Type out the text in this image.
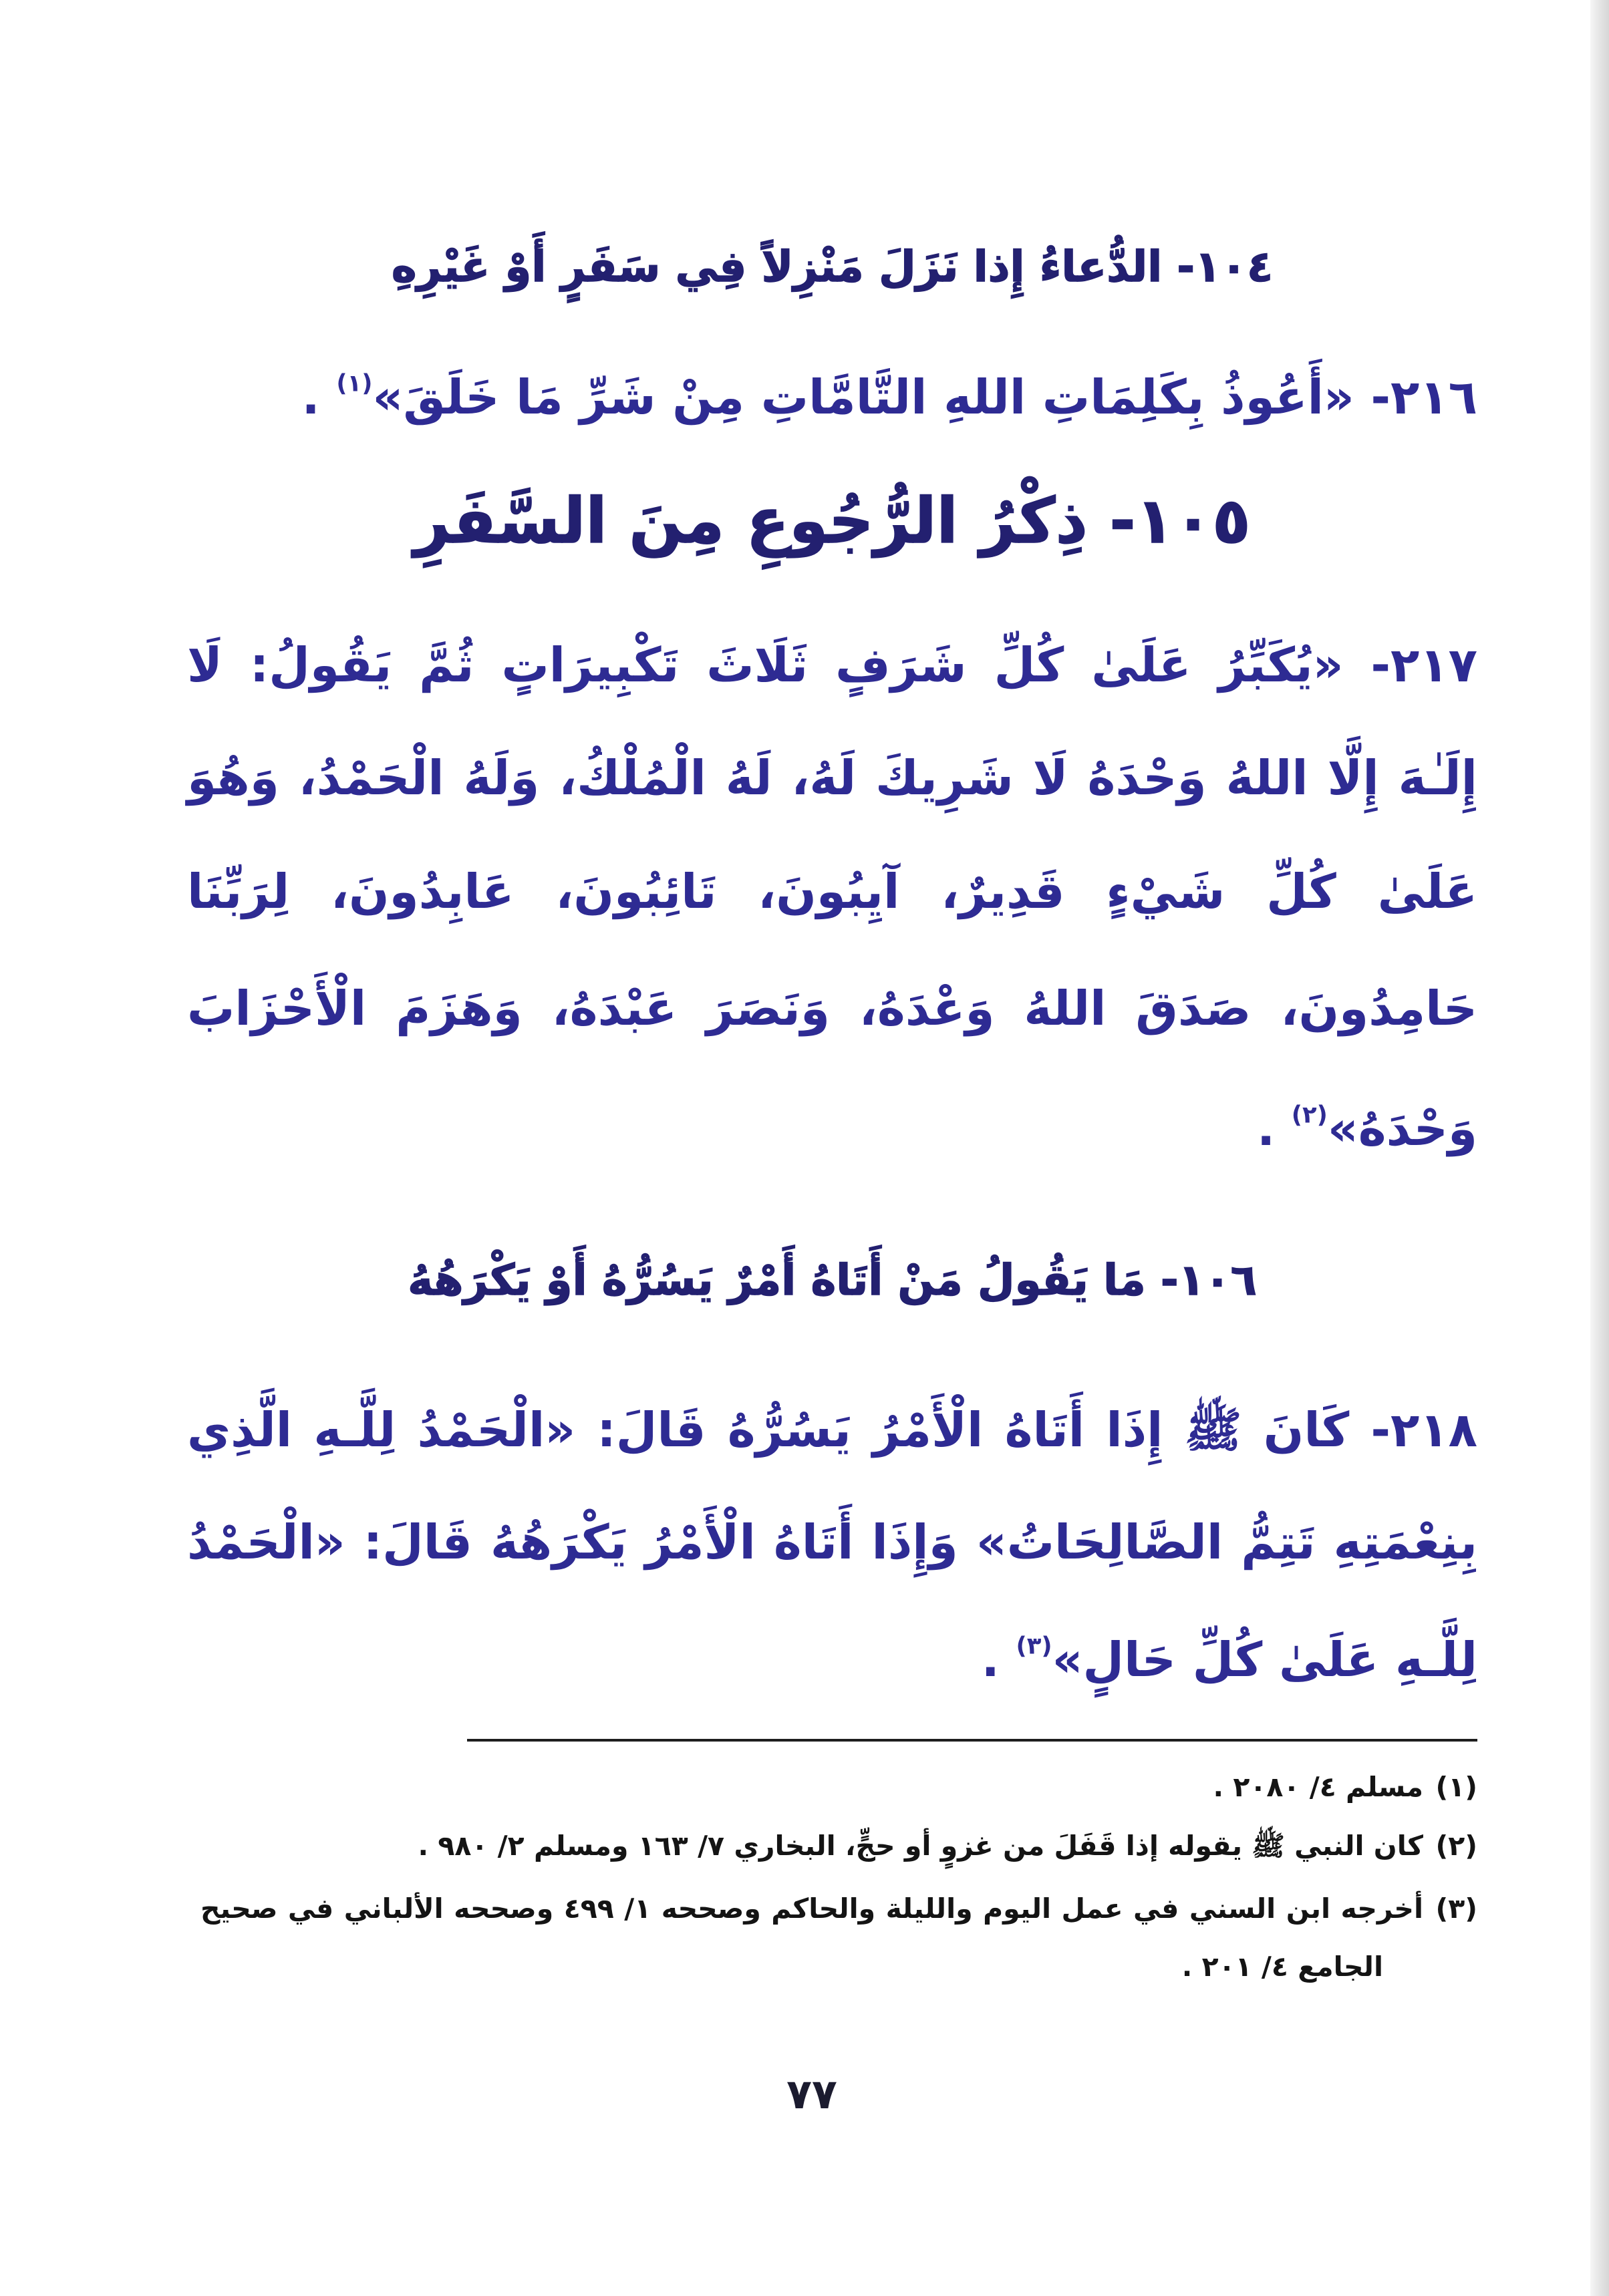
١٠٤- الدُّعاءُ إِذا نَزَلَ مَنْزِلاً فِي سَفَرٍ أَوْ غَيْرِهِ
٢١٦- «أَعُوذُ بِكَلِمَاتِ اللهِ التَّامَّاتِ مِنْ شَرِّ مَا خَلَقَ»$^{(١)}$ .
١٠٥- ذِكْرُ الرُّجُوعِ مِنَ السَّفَرِ
٢١٧- «يُكَبِّرُ عَلَىٰ كُلِّ شَرَفٍ ثَلَاثَ تَكْبِيرَاتٍ ثُمَّ يَقُولُ: لَا
إِلَـٰهَ إِلَّا اللهُ وَحْدَهُ لَا شَرِيكَ لَهُ، لَهُ الْمُلْكُ، وَلَهُ الْحَمْدُ، وَهُوَ
عَلَىٰ كُلِّ شَيْءٍ قَدِيرٌ، آيِبُونَ، تَائِبُونَ، عَابِدُونَ، لِرَبِّنَا
حَامِدُونَ، صَدَقَ اللهُ وَعْدَهُ، وَنَصَرَ عَبْدَهُ، وَهَزَمَ الْأَحْزَابَ
وَحْدَهُ»$^{(٢)}$ .
١٠٦- مَا يَقُولُ مَنْ أَتَاهُ أَمْرٌ يَسُرُّهُ أَوْ يَكْرَهُهُ
٢١٨- كَانَ ﷺ إِذَا أَتَاهُ الْأَمْرُ يَسُرُّهُ قَالَ: «الْحَمْدُ لِلَّـهِ الَّذِي
بِنِعْمَتِهِ تَتِمُّ الصَّالِحَاتُ» وَإِذَا أَتَاهُ الْأَمْرُ يَكْرَهُهُ قَالَ: «الْحَمْدُ
لِلَّـهِ عَلَىٰ كُلِّ حَالٍ»$^{(٣)}$ .
(١)مسلم ٤/ ٢٠٨٠ .
(٢)كان النبي ﷺ يقوله إذا قَفَلَ من غزوٍ أو حجٍّ، البخاري ٧/ ١٦٣ ومسلم ٢/ ٩٨٠ .
(٣)أخرجه ابن السني في عمل اليوم والليلة والحاكم وصححه ١/ ٤٩٩ وصححه الألباني في صحيح
الجامع ٤/ ٢٠١ .
٧٧
